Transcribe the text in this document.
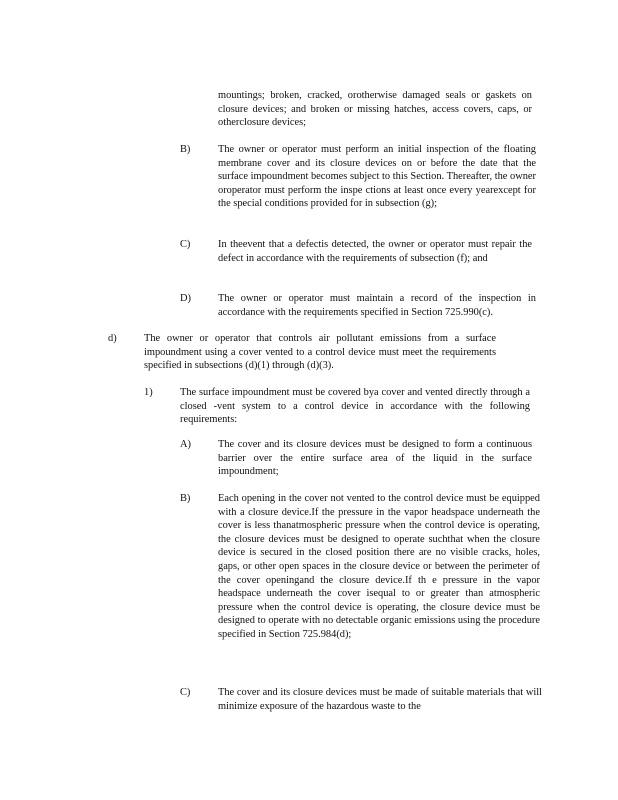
mountings; broken, cracked, orotherwise damaged seals or gaskets on closure devices; and broken or missing hatches, access covers, caps, or otherclosure devices;
B)	The owner or operator must perform an initial inspection of the floating membrane cover and its closure devices on or before the date that the surface impoundment becomes subject to this Section. Thereafter, the owner oroperator must perform the inspe ctions at least once every yearexcept for the special conditions provided for in subsection (g);
C)	In theevent that a defectis detected, the owner or operator must repair the defect in accordance with the requirements of subsection (f); and
D)	The owner or operator must maintain a record of the inspection in accordance with the requirements specified in Section 725.990(c).
d)	The owner or operator that controls air pollutant emissions from a surface impoundment using a cover vented to a control device must meet the requirements specified in subsections (d)(1) through (d)(3).
1)	The surface impoundment must be covered bya cover and vented directly through a closed -vent system to a control device in accordance with the following requirements:
A)	The cover and its closure devices must be designed to form a continuous barrier over the entire surface area of the liquid in the surface impoundment;
B)	Each opening in the cover not vented to the control device must be equipped with a closure device.If the pressure in the vapor headspace underneath the cover is less thanatmospheric pressure when the control device is operating, the closure devices must be designed to operate suchthat when the closure device is secured in the closed position there are no visible cracks, holes, gaps, or other open spaces in the closure device or between the perimeter of the cover openingand the closure device.If th e pressure in the vapor headspace underneath the cover isequal to or greater than atmospheric pressure when the control device is operating, the closure device must be designed to operate with no detectable organic emissions using the procedure specified in Section 725.984(d);
C)	The cover and its closure devices must be made of suitable materials that will minimize exposure of the hazardous waste to the
